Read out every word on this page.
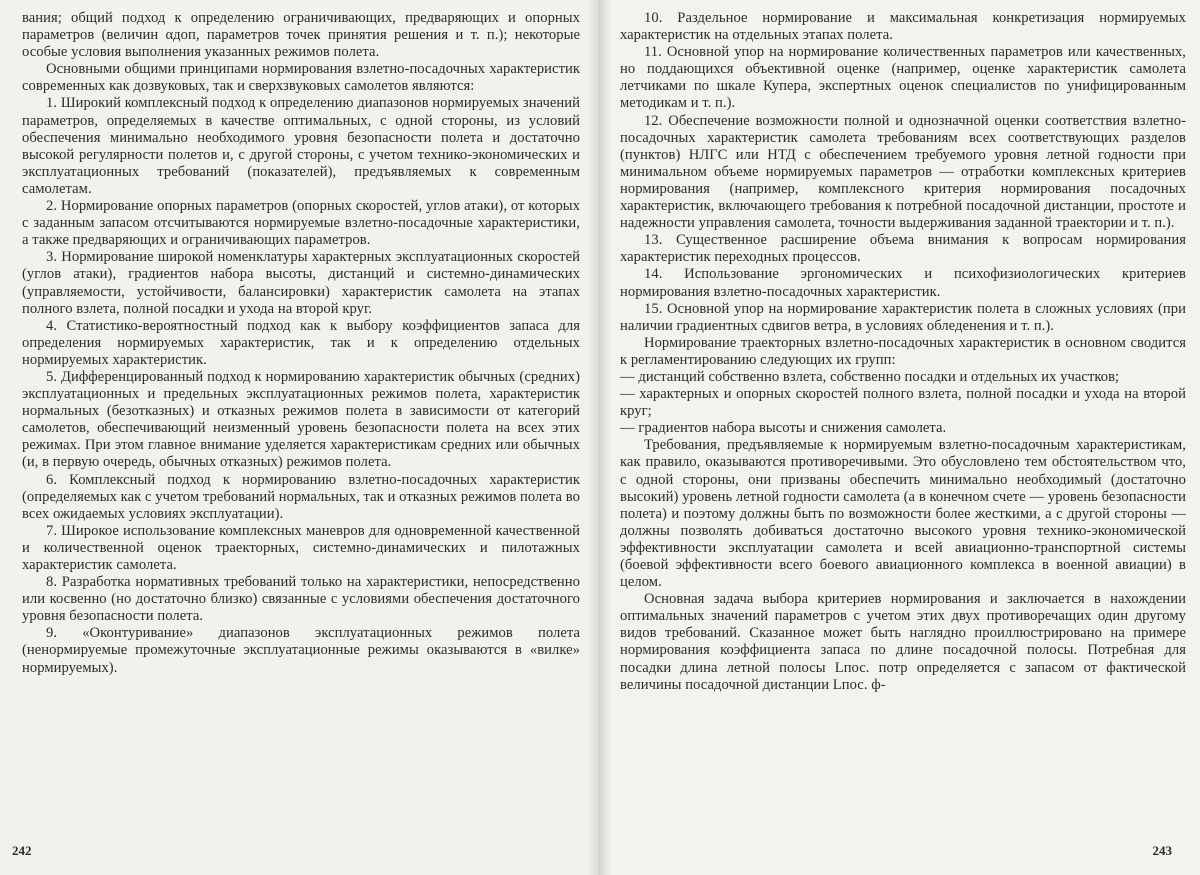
вания; общий подход к определению ограничивающих, предваряющих и опорных параметров (величин αдоп, параметров точек принятия решения и т. п.); некоторые особые условия выполнения указанных режимов полета.

Основными общими принципами нормирования взлетно-посадочных характеристик современных как дозвуковых, так и сверхзвуковых самолетов являются:

1. Широкий комплексный подход к определению диапазонов нормируемых значений параметров, определяемых в качестве оптимальных, с одной стороны, из условий обеспечения минимально необходимого уровня безопасности полета и достаточно высокой регулярности полетов и, с другой стороны, с учетом технико-экономических и эксплуатационных требований (показателей), предъявляемых к современным самолетам.

2. Нормирование опорных параметров (опорных скоростей, углов атаки), от которых с заданным запасом отсчитываются нормируемые взлетно-посадочные характеристики, а также предваряющих и ограничивающих параметров.

3. Нормирование широкой номенклатуры характерных эксплуатационных скоростей (углов атаки), градиентов набора высоты, дистанций и системно-динамических (управляемости, устойчивости, балансировки) характеристик самолета на этапах полного взлета, полной посадки и ухода на второй круг.

4. Статистико-вероятностный подход как к выбору коэффициентов запаса для определения нормируемых характеристик, так и к определению отдельных нормируемых характеристик.

5. Дифференцированный подход к нормированию характеристик обычных (средних) эксплуатационных и предельных эксплуатационных режимов полета, характеристик нормальных (безотказных) и отказных режимов полета в зависимости от категорий самолетов, обеспечивающий неизменный уровень безопасности полета на всех этих режимах. При этом главное внимание уделяется характеристикам средних или обычных (и, в первую очередь, обычных отказных) режимов полета.

6. Комплексный подход к нормированию взлетно-посадочных характеристик (определяемых как с учетом требований нормальных, так и отказных режимов полета во всех ожидаемых условиях эксплуатации).

7. Широкое использование комплексных маневров для одновременной качественной и количественной оценок траекторных, системно-динамических и пилотажных характеристик самолета.

8. Разработка нормативных требований только на характеристики, непосредственно или косвенно (но достаточно близко) связанные с условиями обеспечения достаточного уровня безопасности полета.

9. «Оконтуривание» диапазонов эксплуатационных режимов полета (ненормируемые промежуточные эксплуатационные режимы оказываются в «вилке» нормируемых).

242

10. Раздельное нормирование и максимальная конкретизация нормируемых характеристик на отдельных этапах полета.

11. Основной упор на нормирование количественных параметров или качественных, но поддающихся объективной оценке (например, оценке характеристик самолета летчиками по шкале Купера, экспертных оценок специалистов по унифицированным методикам и т. п.).

12. Обеспечение возможности полной и однозначной оценки соответствия взлетно-посадочных характеристик самолета требованиям всех соответствующих разделов (пунктов) НЛГС или НТД с обеспечением требуемого уровня летной годности при минимальном объеме нормируемых параметров — отработки комплексных критериев нормирования (например, комплексного критерия нормирования посадочных характеристик, включающего требования к потребной посадочной дистанции, простоте и надежности управления самолета, точности выдерживания заданной траектории и т. п.).

13. Существенное расширение объема внимания к вопросам нормирования характеристик переходных процессов.

14. Использование эргономических и психофизиологических критериев нормирования взлетно-посадочных характеристик.

15. Основной упор на нормирование характеристик полета в сложных условиях (при наличии градиентных сдвигов ветра, в условиях обледенения и т. п.).

Нормирование траекторных взлетно-посадочных характеристик в основном сводится к регламентированию следующих их групп:

— дистанций собственно взлета, собственно посадки и отдельных их участков;

— характерных и опорных скоростей полного взлета, полной посадки и ухода на второй круг;

— градиентов набора высоты и снижения самолета.

Требования, предъявляемые к нормируемым взлетно-посадочным характеристикам, как правило, оказываются противоречивыми. Это обусловлено тем обстоятельством что, с одной стороны, они призваны обеспечить минимально необходимый (достаточно высокий) уровень летной годности самолета (а в конечном счете — уровень безопасности полета) и поэтому должны быть по возможности более жесткими, а с другой стороны — должны позволять добиваться достаточно высокого уровня технико-экономической эффективности эксплуатации самолета и всей авиационно-транспортной системы (боевой эффективности всего боевого авиационного комплекса в военной авиации) в целом.

Основная задача выбора критериев нормирования и заключается в нахождении оптимальных значений параметров с учетом этих двух противоречащих один другому видов требований. Сказанное может быть наглядно проиллюстрировано на примере нормирования коэффициента запаса по длине посадочной полосы. Потребная для посадки длина летной полосы Lпос. потр определяется с запасом от фактической величины посадочной дистанции Lпос. ф-

243
